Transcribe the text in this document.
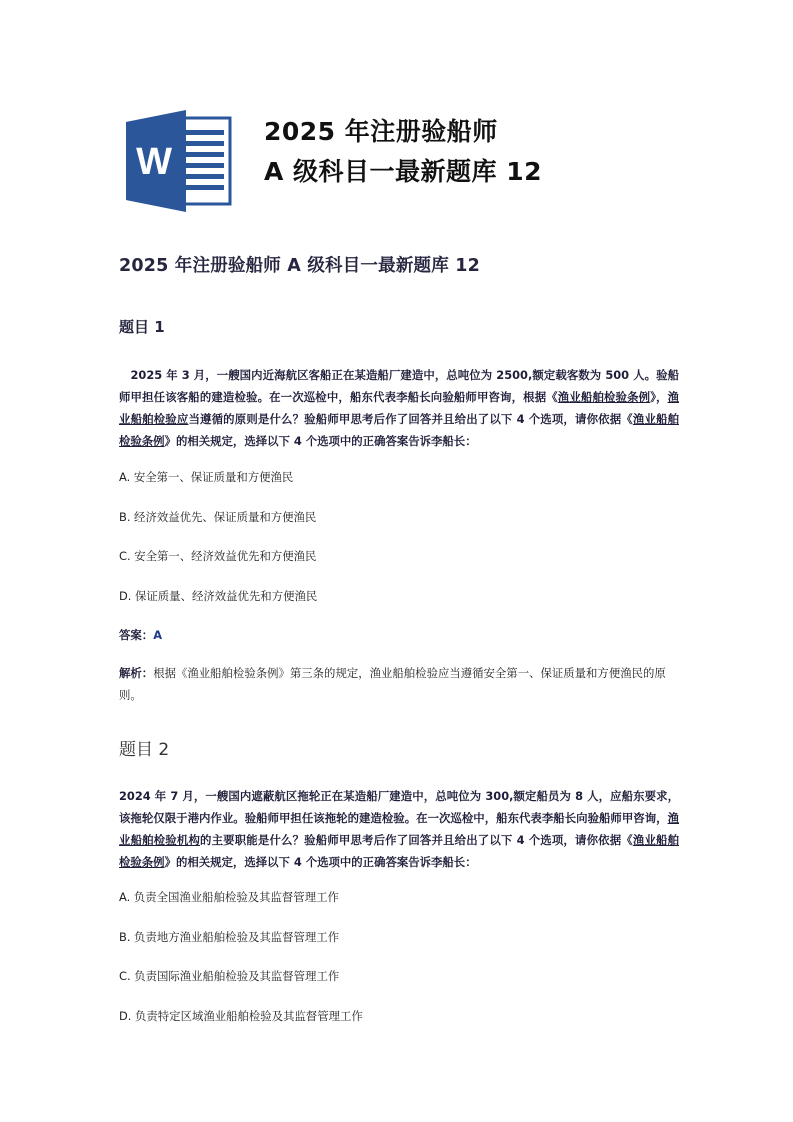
W
2025 年注册验船师
A 级科目一最新题库 12
2025 年注册验船师 A 级科目一最新题库 12
题目 1
　2025 年 3 月，一艘国内近海航区客船正在某造船厂建造中，总吨位为 2500,额定载客数为 500 人。验船师甲担任该客船的建造检验。在一次巡检中，船东代表李船长向验船师甲咨询，根据《渔业船舶检验条例》，渔业船舶检验应当遵循的原则是什么？验船师甲思考后作了回答并且给出了以下 4 个选项，请你依据《渔业船舶检验条例》的相关规定，选择以下 4 个选项中的正确答案告诉李船长：
A. 安全第一、保证质量和方便渔民
B. 经济效益优先、保证质量和方便渔民
C. 安全第一、经济效益优先和方便渔民
D. 保证质量、经济效益优先和方便渔民
答案：A
解析：根据《渔业船舶检验条例》第三条的规定，渔业船舶检验应当遵循安全第一、保证质量和方便渔民的原则。
题目 2
2024 年 7 月，一艘国内遮蔽航区拖轮正在某造船厂建造中，总吨位为 300,额定船员为 8 人，应船东要求，该拖轮仅限于港内作业。验船师甲担任该拖轮的建造检验。在一次巡检中，船东代表李船长向验船师甲咨询，渔业船舶检验机构的主要职能是什么？验船师甲思考后作了回答并且给出了以下 4 个选项，请你依据《渔业船舶检验条例》的相关规定，选择以下 4 个选项中的正确答案告诉李船长：
A. 负责全国渔业船舶检验及其监督管理工作
B. 负责地方渔业船舶检验及其监督管理工作
C. 负责国际渔业船舶检验及其监督管理工作
D. 负责特定区域渔业船舶检验及其监督管理工作
